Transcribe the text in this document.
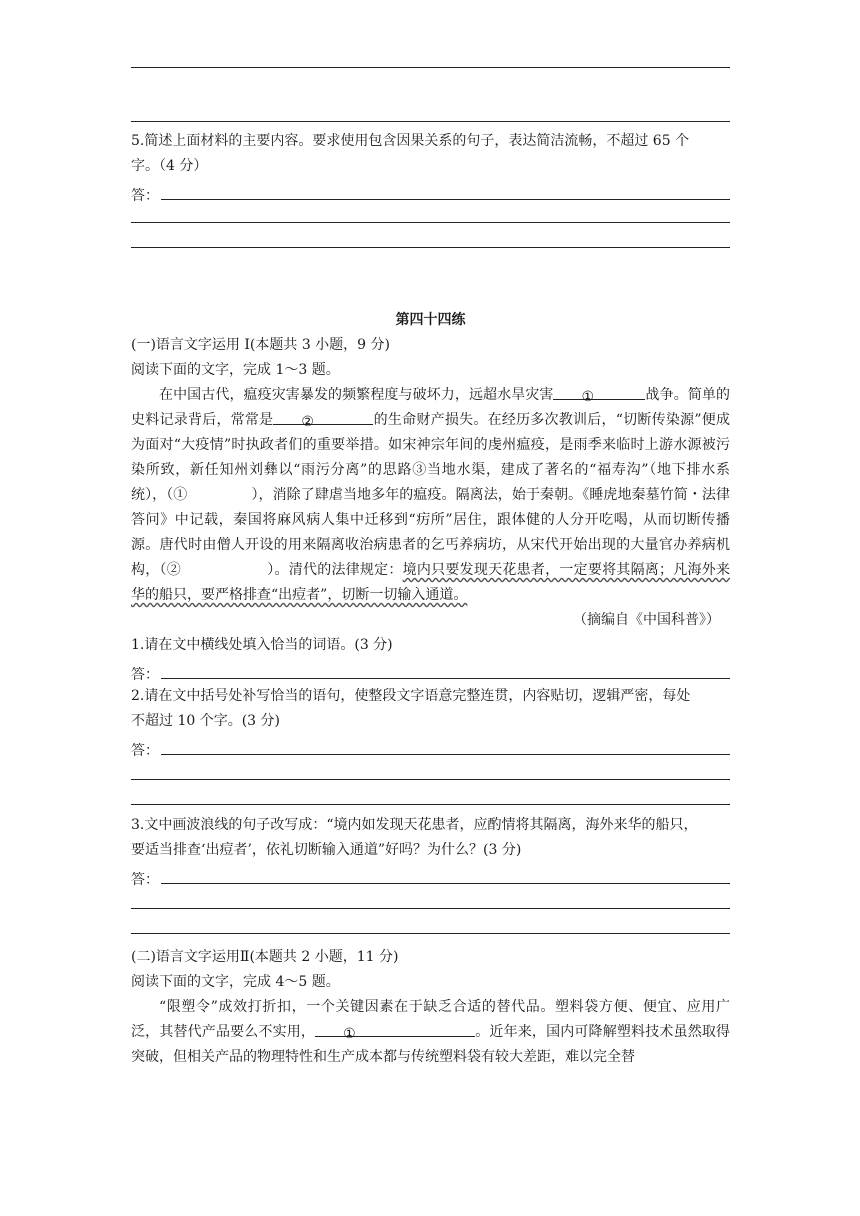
5.简述上面材料的主要内容。要求使用包含因果关系的句子，表达简洁流畅，不超过 65 个

字。（4 分）

答：
第四十四练

(一)语言文字运用 I(本题共 3 小题，9 分)

阅读下面的文字，完成 1～3 题。

在中国古代，瘟疫灾害暴发的频繁程度与破坏力，远超水旱灾害 ①	战争。简单的史料记录背后，常常是 ②	的生命财产损失。在经历多次教训后，“切断传染源”便成为面对“大疫情”时执政者们的重要举措。如宋神宗年间的虔州瘟疫，是雨季来临时上游水源被污染所致，新任知州刘彝以“雨污分离”的思路③当地水渠，建成了著名的“福寿沟”（地下排水系统），（①	），消除了肆虐当地多年的瘟疫。隔离法，始于秦朝。《睡虎地秦墓竹简・法律答问》中记载，秦国将麻风病人集中迁移到“疠所”居住，跟体健的人分开吃喝，从而切断传播源。唐代时由僧人开设的用来隔离收治病患者的乞丐养病坊，从宋代开始出现的大量官办养病机构，（②	）。清代的法律规定：境内只要发现天花患者，一定要将其隔离；凡海外来华的船只，要严格排查“出痘者”，切断一切输入通道。

（摘编自《中国科普》）

1.请在文中横线处填入恰当的词语。(3 分)

答：

2.请在文中括号处补写恰当的语句，使整段文字语意完整连贯，内容贴切，逻辑严密，每处

不超过 10 个字。(3 分)

答：

3.文中画波浪线的句子改写成：“境内如发现天花患者，应酌情将其隔离，海外来华的船只，

要适当排查‘出痘者’，依礼切断输入通道”好吗？为什么？(3 分)

答：

(二)语言文字运用Ⅱ(本题共 2 小题，11 分)

阅读下面的文字，完成 4～5 题。

“限塑令”成效打折扣，一个关键因素在于缺乏合适的替代品。塑料袋方便、便宜、应用广泛，其替代产品要么不实用， ①	。近年来，国内可降解塑料技术虽然取得突破，但相关产品的物理特性和生产成本都与传统塑料袋有较大差距，难以完全替
